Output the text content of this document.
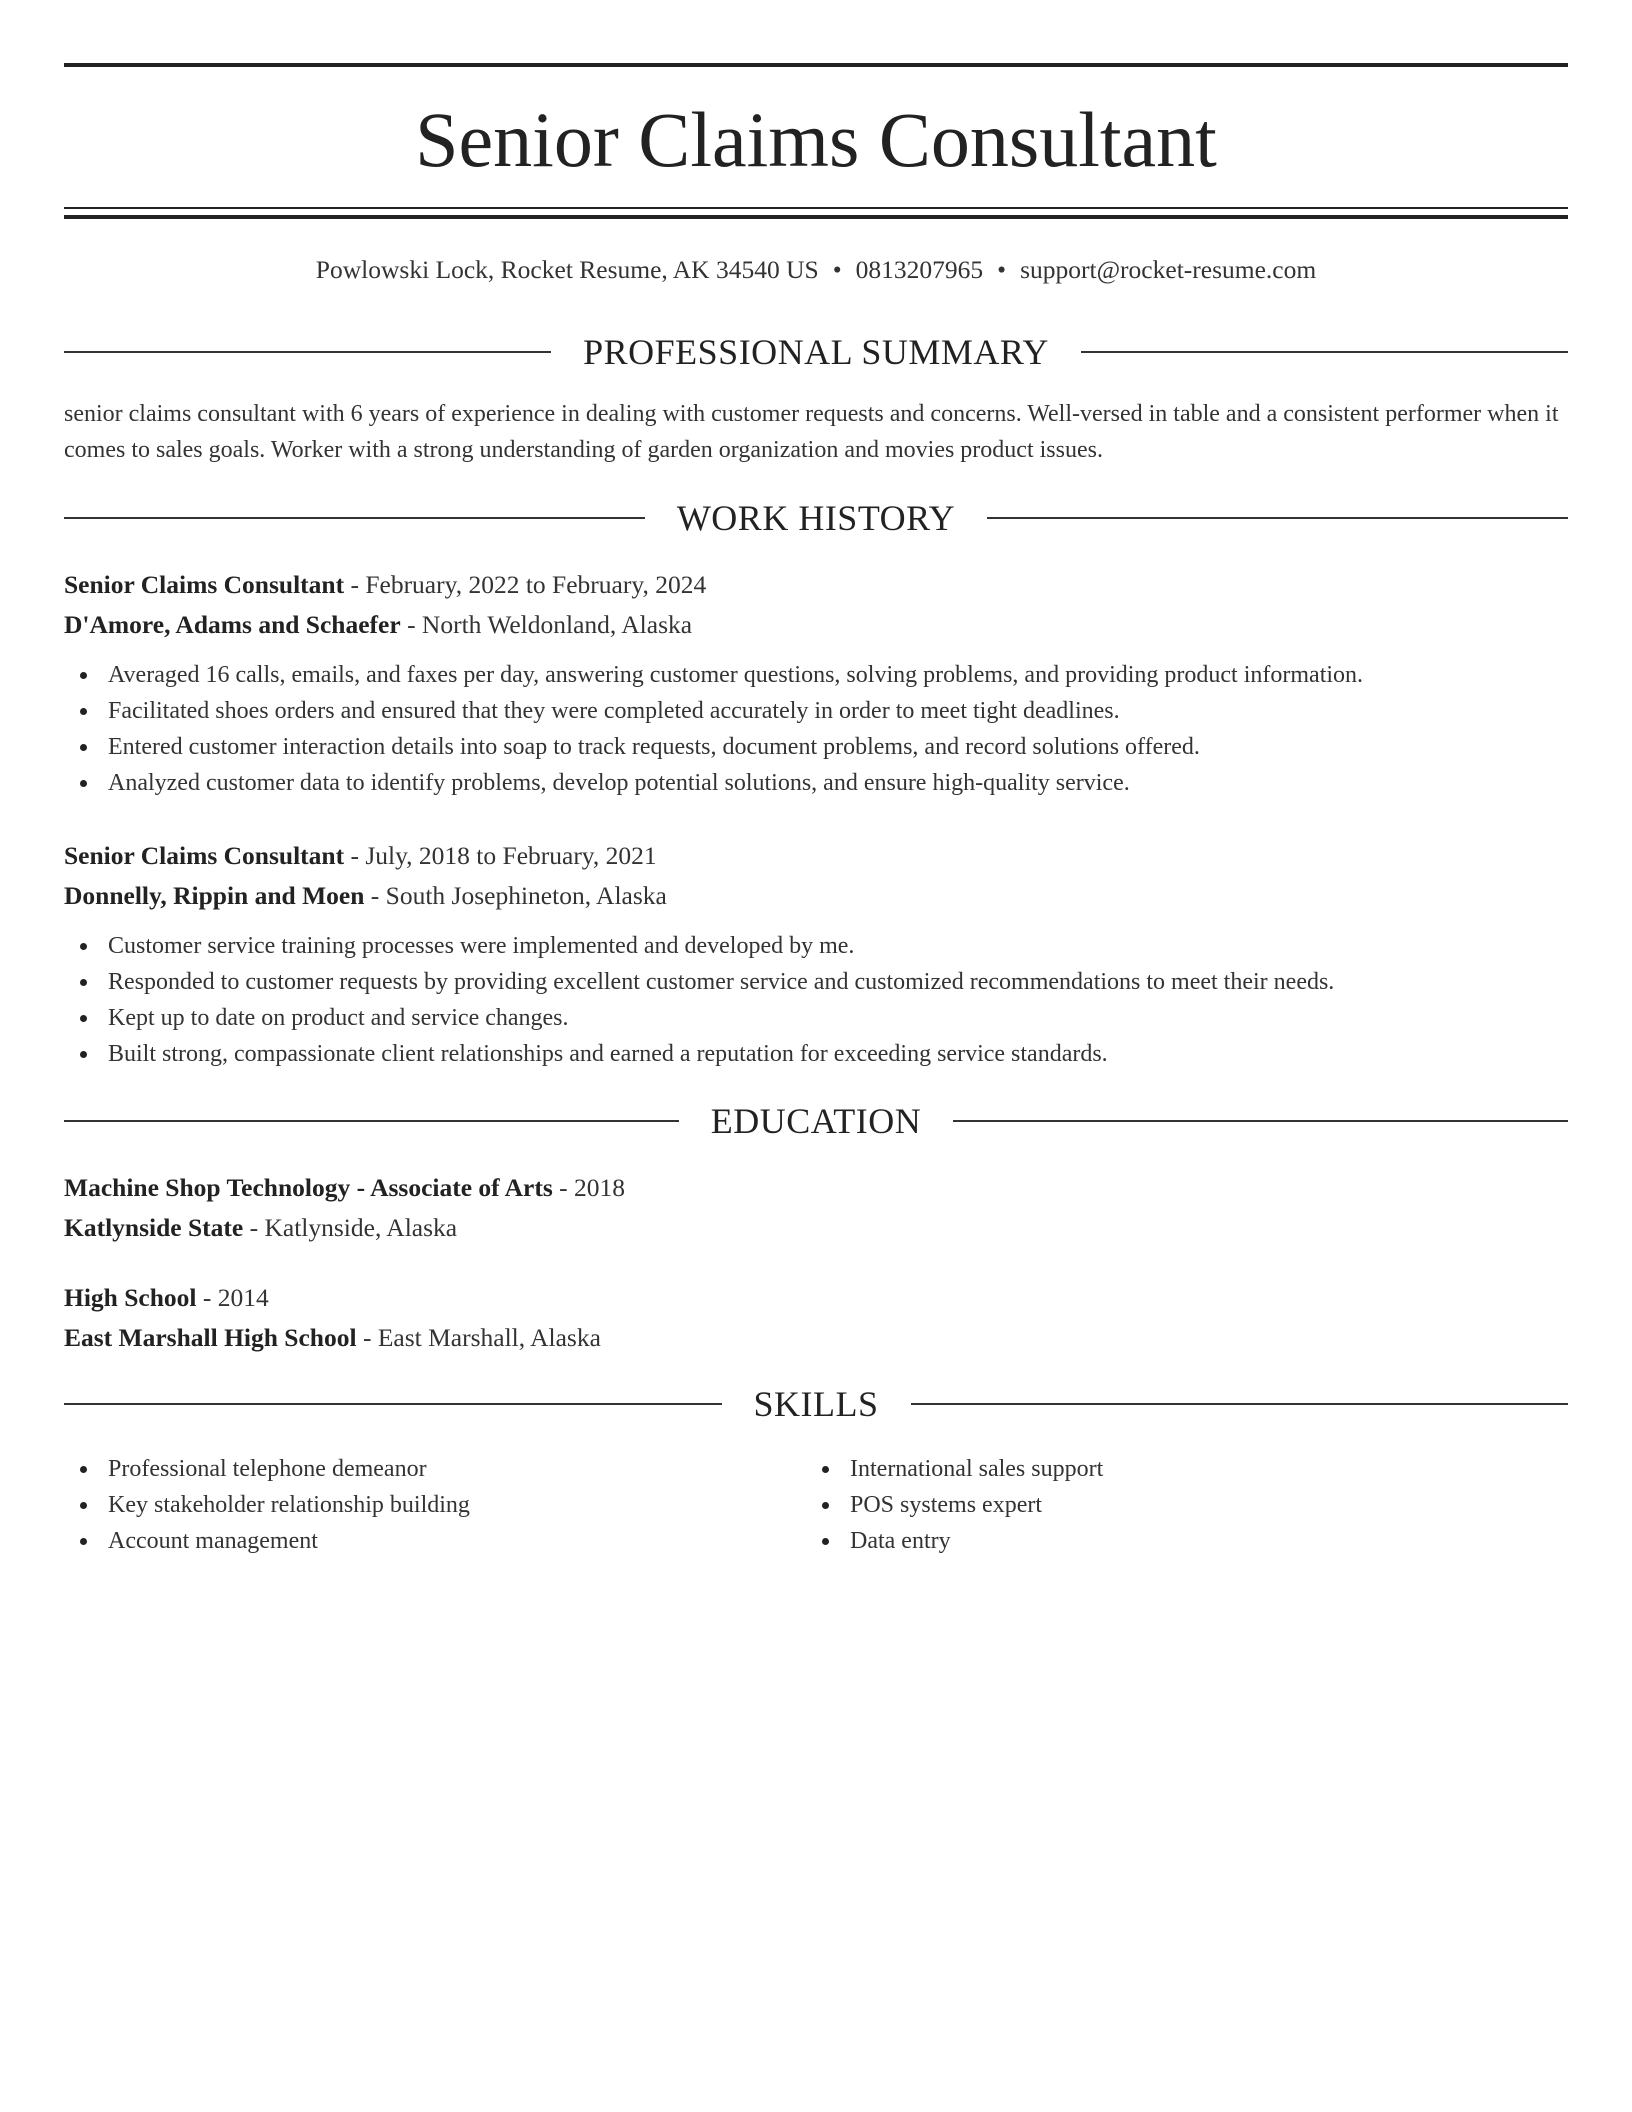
Senior Claims Consultant
Powlowski Lock, Rocket Resume, AK 34540 US • 0813207965 • support@rocket-resume.com
PROFESSIONAL SUMMARY
senior claims consultant with 6 years of experience in dealing with customer requests and concerns. Well-versed in table and a consistent performer when it comes to sales goals. Worker with a strong understanding of garden organization and movies product issues.
WORK HISTORY
Senior Claims Consultant - February, 2022 to February, 2024
D'Amore, Adams and Schaefer - North Weldonland, Alaska
Averaged 16 calls, emails, and faxes per day, answering customer questions, solving problems, and providing product information.
Facilitated shoes orders and ensured that they were completed accurately in order to meet tight deadlines.
Entered customer interaction details into soap to track requests, document problems, and record solutions offered.
Analyzed customer data to identify problems, develop potential solutions, and ensure high-quality service.
Senior Claims Consultant - July, 2018 to February, 2021
Donnelly, Rippin and Moen - South Josephineton, Alaska
Customer service training processes were implemented and developed by me.
Responded to customer requests by providing excellent customer service and customized recommendations to meet their needs.
Kept up to date on product and service changes.
Built strong, compassionate client relationships and earned a reputation for exceeding service standards.
EDUCATION
Machine Shop Technology - Associate of Arts - 2018
Katlynside State - Katlynside, Alaska
High School - 2014
East Marshall High School - East Marshall, Alaska
SKILLS
Professional telephone demeanor
Key stakeholder relationship building
Account management
International sales support
POS systems expert
Data entry
